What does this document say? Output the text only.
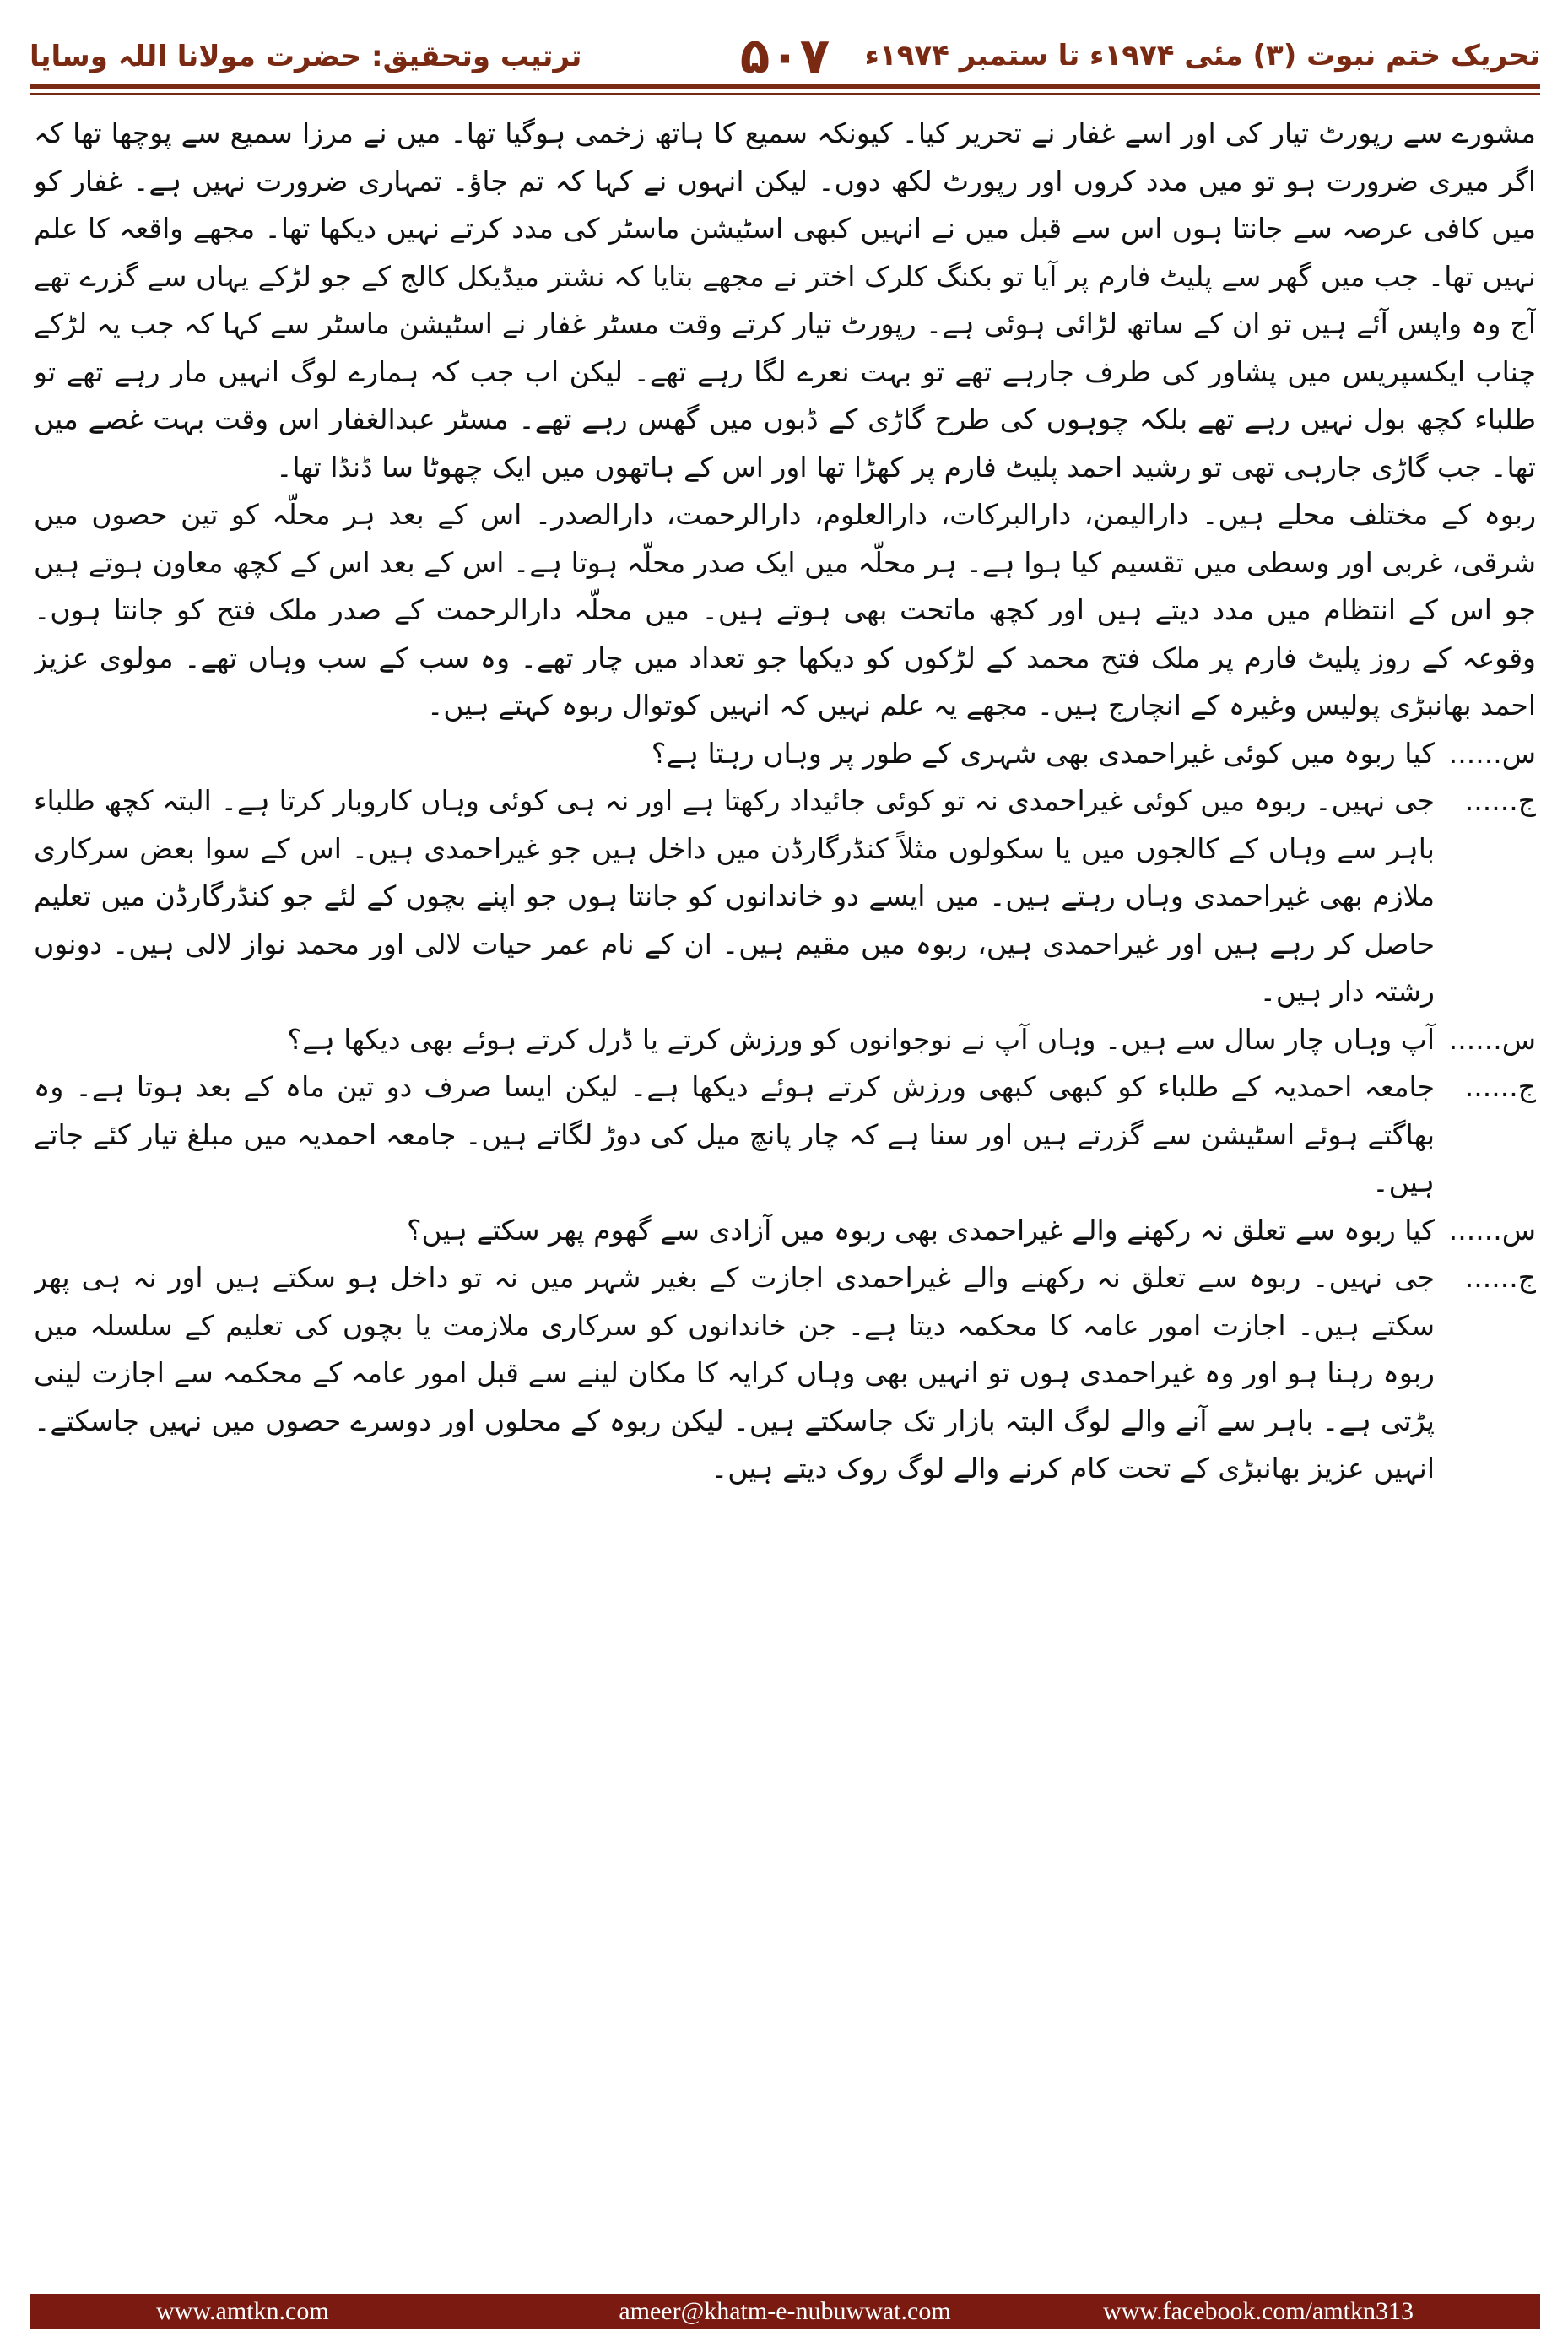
ترتیب وتحقیق: حضرت مولانا اللہ وسایا	۵۰۷	تحریک ختم نبوت (۳) مئی ۱۹۷۴ء تا ستمبر ۱۹۷۴ء

مشورے سے رپورٹ تیار کی اور اسے غفار نے تحریر کیا۔ کیونکہ سمیع کا ہاتھ زخمی ہوگیا تھا۔ میں نے مرزا سمیع سے پوچھا تھا کہ اگر میری ضرورت ہو تو میں مدد کروں اور رپورٹ لکھ دوں۔ لیکن انہوں نے کہا کہ تم جاؤ۔ تمہاری ضرورت نہیں ہے۔ غفار کو میں کافی عرصہ سے جانتا ہوں اس سے قبل میں نے انہیں کبھی اسٹیشن ماسٹر کی مدد کرتے نہیں دیکھا تھا۔ مجھے واقعہ کا علم نہیں تھا۔ جب میں گھر سے پلیٹ فارم پر آیا تو بکنگ کلرک اختر نے مجھے بتایا کہ نشتر میڈیکل کالج کے جو لڑکے یہاں سے گزرے تھے آج وہ واپس آئے ہیں تو ان کے ساتھ لڑائی ہوئی ہے۔ رپورٹ تیار کرتے وقت مسٹر غفار نے اسٹیشن ماسٹر سے کہا کہ جب یہ لڑکے چناب ایکسپریس میں پشاور کی طرف جارہے تھے تو بہت نعرے لگا رہے تھے۔ لیکن اب جب کہ ہمارے لوگ انہیں مار رہے تھے تو طلباء کچھ بول نہیں رہے تھے بلکہ چوہوں کی طرح گاڑی کے ڈبوں میں گھس رہے تھے۔ مسٹر عبدالغفار اس وقت بہت غصے میں تھا۔ جب گاڑی جارہی تھی تو رشید احمد پلیٹ فارم پر کھڑا تھا اور اس کے ہاتھوں میں ایک چھوٹا سا ڈنڈا تھا۔

ربوہ کے مختلف محلے ہیں۔ دارالیمن، دارالبرکات، دارالعلوم، دارالرحمت، دارالصدر۔ اس کے بعد ہر محلّہ کو تین حصوں میں شرقی، غربی اور وسطی میں تقسیم کیا ہوا ہے۔ ہر محلّہ میں ایک صدر محلّہ ہوتا ہے۔ اس کے بعد اس کے کچھ معاون ہوتے ہیں جو اس کے انتظام میں مدد دیتے ہیں اور کچھ ماتحت بھی ہوتے ہیں۔ میں محلّہ دارالرحمت کے صدر ملک فتح کو جانتا ہوں۔ وقوعہ کے روز پلیٹ فارم پر ملک فتح محمد کے لڑکوں کو دیکھا جو تعداد میں چار تھے۔ وہ سب کے سب وہاں تھے۔ مولوی عزیز احمد بھانبڑی پولیس وغیرہ کے انچارج ہیں۔ مجھے یہ علم نہیں کہ انہیں کوتوال ربوہ کہتے ہیں۔

س......
کیا ربوہ میں کوئی غیراحمدی بھی شہری کے طور پر وہاں رہتا ہے؟
ج......
جی نہیں۔ ربوہ میں کوئی غیراحمدی نہ تو کوئی جائیداد رکھتا ہے اور نہ ہی کوئی وہاں کاروبار کرتا ہے۔ البتہ کچھ طلباء باہر سے وہاں کے کالجوں میں یا سکولوں مثلاً کنڈرگارڈن میں داخل ہیں جو غیراحمدی ہیں۔ اس کے سوا بعض سرکاری ملازم بھی غیراحمدی وہاں رہتے ہیں۔ میں ایسے دو خاندانوں کو جانتا ہوں جو اپنے بچوں کے لئے جو کنڈرگارڈن میں تعلیم حاصل کر رہے ہیں اور غیراحمدی ہیں، ربوہ میں مقیم ہیں۔ ان کے نام عمر حیات لالی اور محمد نواز لالی ہیں۔ دونوں رشتہ دار ہیں۔
س......
آپ وہاں چار سال سے ہیں۔ وہاں آپ نے نوجوانوں کو ورزش کرتے یا ڈرل کرتے ہوئے بھی دیکھا ہے؟
ج......
جامعہ احمدیہ کے طلباء کو کبھی کبھی ورزش کرتے ہوئے دیکھا ہے۔ لیکن ایسا صرف دو تین ماہ کے بعد ہوتا ہے۔ وہ بھاگتے ہوئے اسٹیشن سے گزرتے ہیں اور سنا ہے کہ چار پانچ میل کی دوڑ لگاتے ہیں۔ جامعہ احمدیہ میں مبلغ تیار کئے جاتے ہیں۔
س......
کیا ربوہ سے تعلق نہ رکھنے والے غیراحمدی بھی ربوہ میں آزادی سے گھوم پھر سکتے ہیں؟
ج......
جی نہیں۔ ربوہ سے تعلق نہ رکھنے والے غیراحمدی اجازت کے بغیر شہر میں نہ تو داخل ہو سکتے ہیں اور نہ ہی پھر سکتے ہیں۔ اجازت امور عامہ کا محکمہ دیتا ہے۔ جن خاندانوں کو سرکاری ملازمت یا بچوں کی تعلیم کے سلسلہ میں ربوہ رہنا ہو اور وہ غیراحمدی ہوں تو انہیں بھی وہاں کرایہ کا مکان لینے سے قبل امور عامہ کے محکمہ سے اجازت لینی پڑتی ہے۔ باہر سے آنے والے لوگ البتہ بازار تک جاسکتے ہیں۔ لیکن ربوہ کے محلوں اور دوسرے حصوں میں نہیں جاسکتے۔ انہیں عزیز بھانبڑی کے تحت کام کرنے والے لوگ روک دیتے ہیں۔
www.amtkn.com	ameer@khatm-e-nubuwwat.com	www.facebook.com/amtkn313
